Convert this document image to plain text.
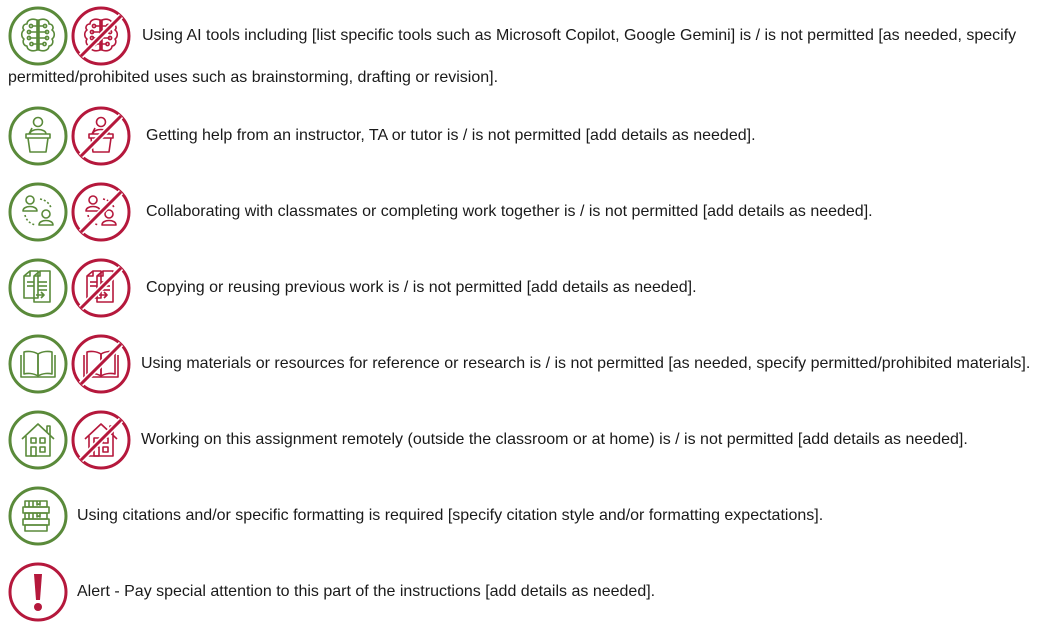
Using AI tools including [list specific tools such as Microsoft Copilot, Google Gemini] is / is not permitted [as needed, specify
permitted/prohibited uses such as brainstorming, drafting or revision].
Getting help from an instructor, TA or tutor is / is not permitted [add details as needed].
Collaborating with classmates or completing work together is / is not permitted [add details as needed].
Copying or reusing previous work is / is not permitted [add details as needed].
Using materials or resources for reference or research is / is not permitted [as needed, specify permitted/prohibited materials].
Working on this assignment remotely (outside the classroom or at home) is / is not permitted [add details as needed].
Using citations and/or specific formatting is required [specify citation style and/or formatting expectations].
Alert - Pay special attention to this part of the instructions [add details as needed].
